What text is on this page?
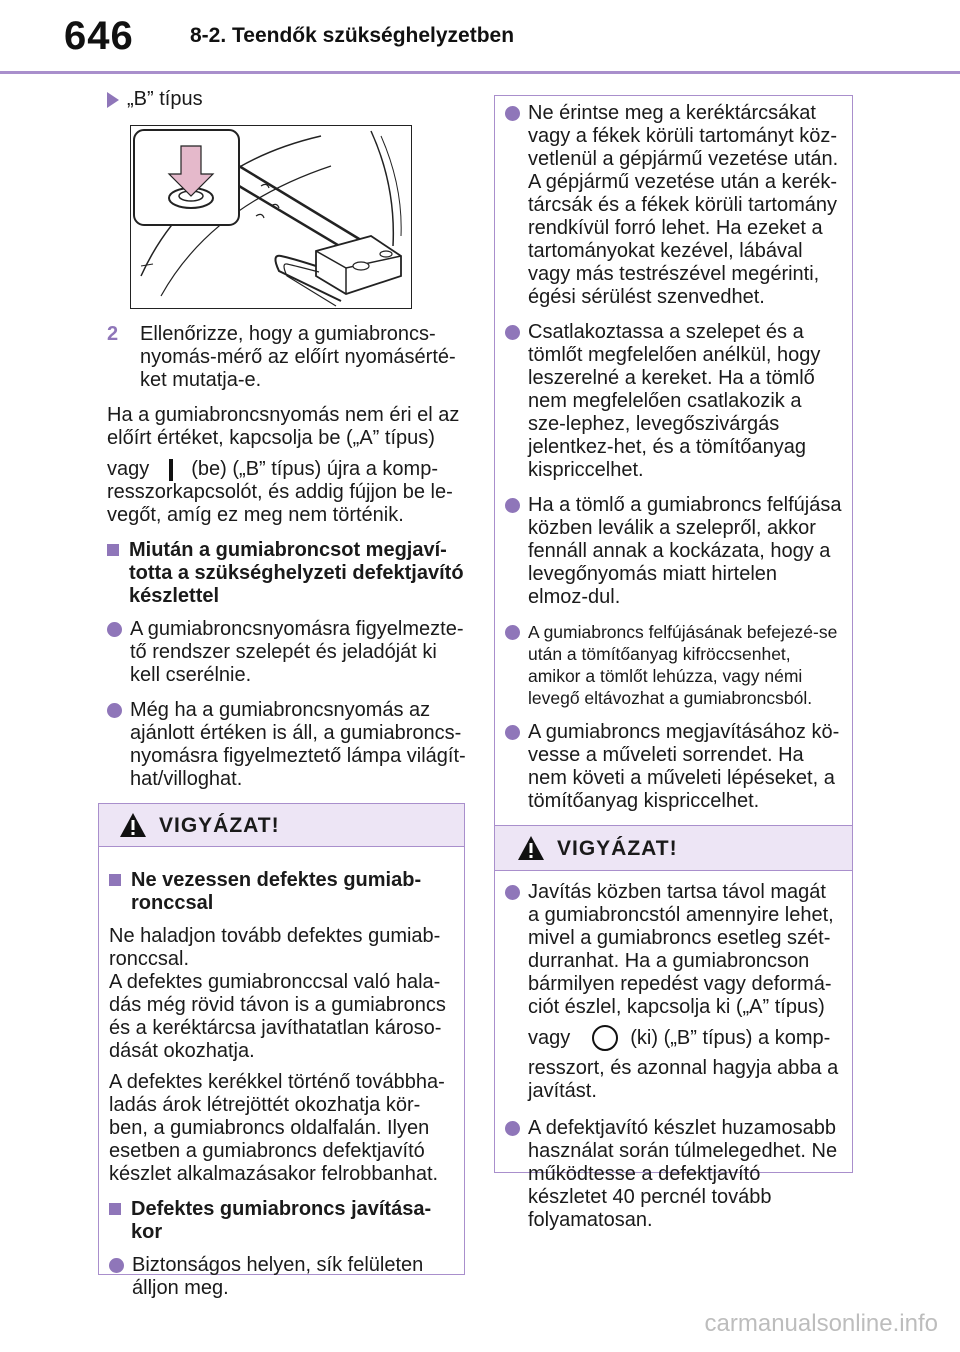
646	8-2. Teendők szükséghelyzetben
„B” típus
2	Ellenőrizze, hogy a gumiabroncs-nyomás-mérő az előírt nyomásérté-ket mutatja-e.

Ha a gumiabroncsnyomás nem éri el az előírt értéket, kapcsolja be („A” típus)

vagy (be) („B” típus) újra a komp-

resszorkapcsolót, és addig fújjon be le-vegőt, amíg ez meg nem történik.

Miután a gumiabroncsot megjaví-totta a szükséghelyzeti defektjavító készlettel
A gumiabroncsnyomásra figyelmezte-tő rendszer szelepét és jeladóját ki kell cserélnie.
Még ha a gumiabroncsnyomás az ajánlott értéken is áll, a gumiabroncs-nyomásra figyelmeztető lámpa világít-hat/villoghat.
VIGYÁZAT!
Ne vezessen defektes gumiab-ronccsal

Ne haladjon tovább defektes gumiab-ronccsal.
A defektes gumiabronccsal való hala-dás még rövid távon is a gumiabroncs és a keréktárcsa javíthatatlan károso-dását okozhatja.

A defektes kerékkel történő továbbha-ladás árok létrejöttét okozhatja kör-ben, a gumiabroncs oldalfalán. Ilyen esetben a gumiabroncs defektjavító készlet alkalmazásakor felrobbanhat.

Defektes gumiabroncs javítása-kor
Biztonságos helyen, sík felületen álljon meg.
Ne érintse meg a keréktárcsákat vagy a fékek körüli tartományt köz-vetlenül a gépjármű vezetése után. A gépjármű vezetése után a kerék-tárcsák és a fékek körüli tartomány rendkívül forró lehet. Ha ezeket a tartományokat kezével, lábával vagy más testrészével megérinti, égési sérülést szenvedhet.
Csatlakoztassa a szelepet és a tömlőt megfelelően anélkül, hogy leszerelné a kereket. Ha a tömlő nem megfelelően csatlakozik a sze-lephez, levegőszivárgás jelentkez-het, és a tömítőanyag kispriccelhet.
Ha a tömlő a gumiabroncs felfújása közben leválik a szelepről, akkor fennáll annak a kockázata, hogy a levegőnyomás miatt hirtelen elmoz-dul.
A gumiabroncs felfújásának befejezé-se után a tömítőanyag kifröccsenhet, amikor a tömlőt lehúzza, vagy némi levegő eltávozhat a gumiabroncsból.
A gumiabroncs megjavításához kö-vesse a műveleti sorrendet. Ha nem követi a műveleti lépéseket, a tömítőanyag kispriccelhet.
VIGYÁZAT!
Javítás közben tartsa távol magát a gumiabroncstól amennyire lehet, mivel a gumiabroncs esetleg szét-durranhat. Ha a gumiabroncson bármilyen repedést vagy deformá-ciót észlel, kapcsolja ki („A” típus)
vagy	(ki) („B” típus) a komp-

resszort, és azonnal hagyja abba a javítást.

A defektjavító készlet huzamosabb használat során túlmelegedhet. Ne működtesse a defektjavító készletet 40 percnél tovább folyamatosan.
carmanualsonline.info
